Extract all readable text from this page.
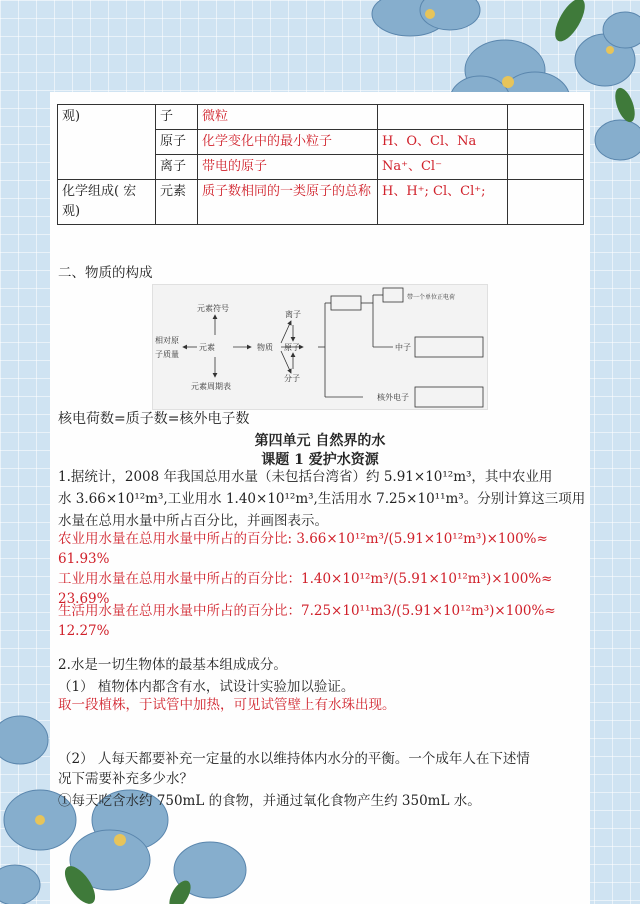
观)	子	微粒		
	原子	化学变化中的最小粒子	H、O、Cl、Na	
	离子	带电的原子	Na⁺、Cl⁻	
化学组成( 宏观)	元素	质子数相同的一类原子的总称	H、H⁺; Cl、Cl⁺;	
二、物质的构成
元素符号
相对原
子质量
元素	物质
离子
原子
分子
元素周期表
带一个单位正电荷
中子
核外电子
核电荷数=质子数=核外电子数
第四单元 自然界的水
课题 1 爱护水资源
1.据统计，2008 年我国总用水量（未包括台湾省）约 5.91×10¹²m³，其中农业用
水 3.66×10¹²m³,工业用水 1.40×10¹²m³,生活用水 7.25×10¹¹m³。分别计算这三项用
水量在总用水量中所占百分比，并画图表示。
农业用水量在总用水量中所占的百分比: 3.66×10¹²m³/(5.91×10¹²m³)×100%≈
61.93%
工业用水量在总用水量中所占的百分比：1.40×10¹²m³/(5.91×10¹²m³)×100%≈
23.69%
生活用水量在总用水量中所占的百分比：7.25×10¹¹m3/(5.91×10¹²m³)×100%≈
12.27%
2.水是一切生物体的最基本组成成分。
（1） 植物体内都含有水，试设计实验加以验证。
取一段植株，于试管中加热，可见试管壁上有水珠出现。
（2） 人每天都要补充一定量的水以维持体内水分的平衡。一个成年人在下述情
况下需要补充多少水？
①每天吃含水约 750mL 的食物，并通过氧化食物产生约 350mL 水。
